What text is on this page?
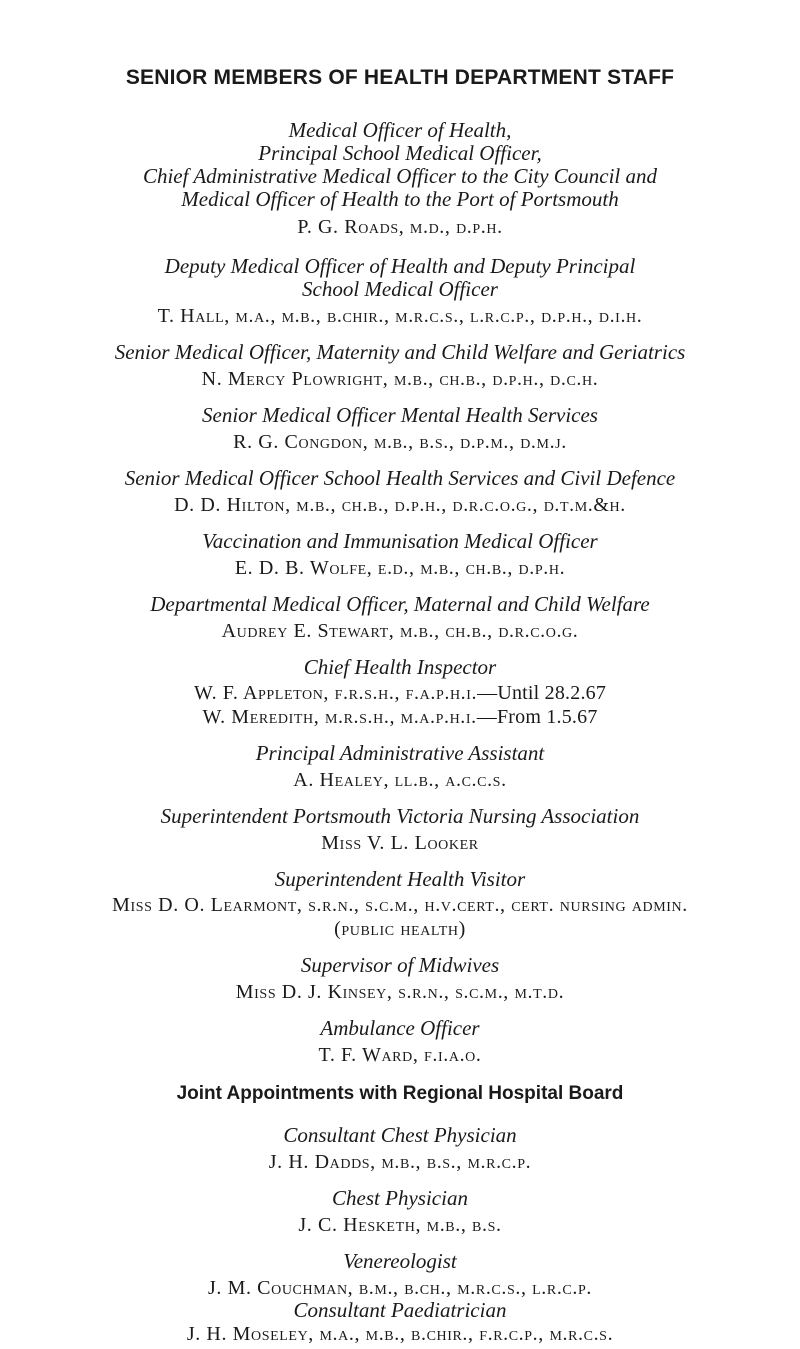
SENIOR MEMBERS OF HEALTH DEPARTMENT STAFF
Medical Officer of Health,
Principal School Medical Officer,
Chief Administrative Medical Officer to the City Council and
Medical Officer of Health to the Port of Portsmouth
P. G. Roads, m.d., d.p.h.
Deputy Medical Officer of Health and Deputy Principal
School Medical Officer
T. Hall, m.a., m.b., b.chir., m.r.c.s., l.r.c.p., d.p.h., d.i.h.
Senior Medical Officer, Maternity and Child Welfare and Geriatrics
N. Mercy Plowright, m.b., ch.b., d.p.h., d.c.h.
Senior Medical Officer Mental Health Services
R. G. Congdon, m.b., b.s., d.p.m., d.m.j.
Senior Medical Officer School Health Services and Civil Defence
D. D. Hilton, m.b., ch.b., d.p.h., d.r.c.o.g., d.t.m.&h.
Vaccination and Immunisation Medical Officer
E. D. B. Wolfe, e.d., m.b., ch.b., d.p.h.
Departmental Medical Officer, Maternal and Child Welfare
Audrey E. Stewart, m.b., ch.b., d.r.c.o.g.
Chief Health Inspector
W. F. Appleton, f.r.s.h., f.a.p.h.i.—Until 28.2.67
W. Meredith, m.r.s.h., m.a.p.h.i.—From 1.5.67
Principal Administrative Assistant
A. Healey, ll.b., a.c.c.s.
Superintendent Portsmouth Victoria Nursing Association
Miss V. L. Looker
Superintendent Health Visitor
Miss D. O. Learmont, s.r.n., s.c.m., h.v.cert., cert. nursing admin.
(public health)
Supervisor of Midwives
Miss D. J. Kinsey, s.r.n., s.c.m., m.t.d.
Ambulance Officer
T. F. Ward, f.i.a.o.
Joint Appointments with Regional Hospital Board
Consultant Chest Physician
J. H. Dadds, m.b., b.s., m.r.c.p.
Chest Physician
J. C. Hesketh, m.b., b.s.
Venereologist
J. M. Couchman, b.m., b.ch., m.r.c.s., l.r.c.p.
Consultant Paediatrician
J. H. Moseley, m.a., m.b., b.chir., f.r.c.p., m.r.c.s.
